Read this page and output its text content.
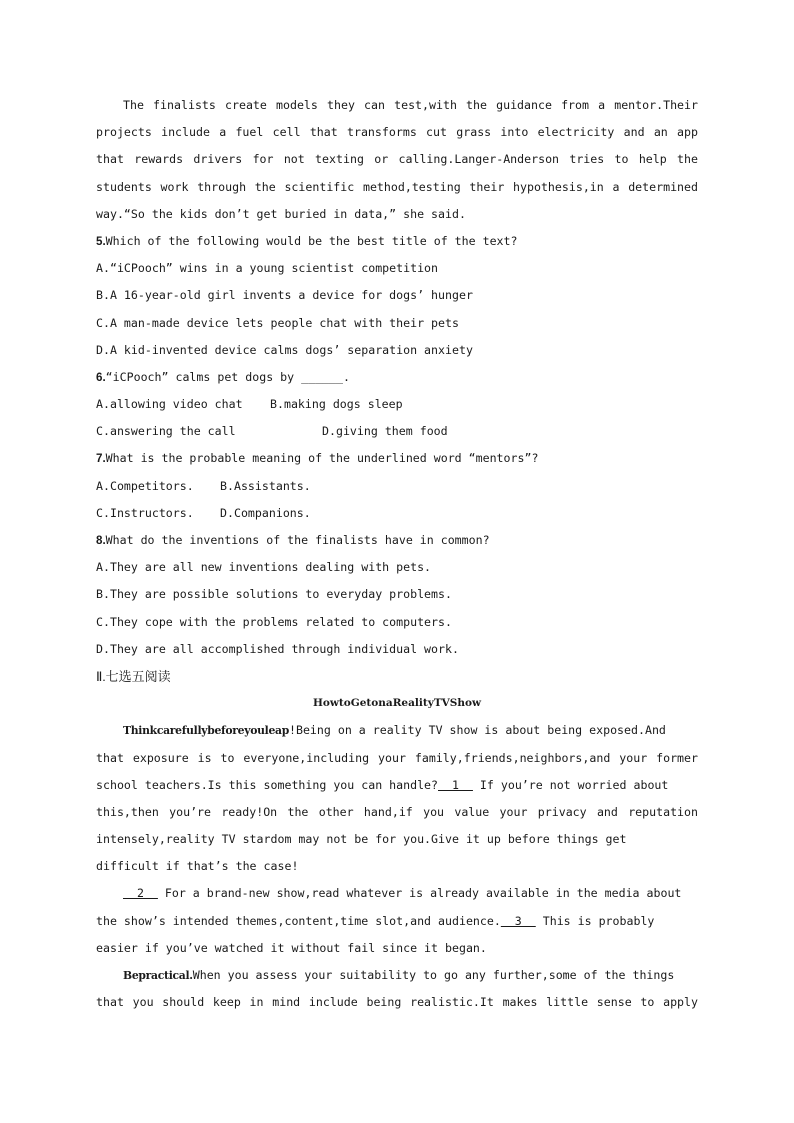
The finalists create models they can test,with the guidance from a mentor.Their
projects include a fuel cell that transforms cut grass into electricity and an app
that rewards drivers for not texting or calling.Langer-Anderson tries to help the
students work through the scientific method,testing their hypothesis,in a determined
way.“So the kids don’t get buried in data,” she said.
5.Which of the following would be the best title of the text?
A.“iCPooch” wins in a young scientist competition
B.A 16-year-old girl invents a device for dogs’ hunger
C.A man-made device lets people chat with their pets
D.A kid-invented device calms dogs’ separation anxiety
6.“iCPooch” calms pet dogs by ______.
A.allowing video chat B.making dogs sleep
C.answering the call	D.giving them food
7.What is the probable meaning of the underlined word “mentors”?
A.Competitors. B.Assistants.
C.Instructors. D.Companions.
8.What do the inventions of the finalists have in common?
A.They are all new inventions dealing with pets.
B.They are possible solutions to everyday problems.
C.They cope with the problems related to computers.
D.They are all accomplished through individual work.
Ⅱ.七选五阅读
HowtoGetonaRealityTVShow
Thinkcarefullybeforeyouleap!Being on a reality TV show is about being exposed.And
that exposure is to everyone,including your family,friends,neighbors,and your former
school teachers.Is this something you can handle?  1   If you’re not worried about
this,then you’re ready!On the other hand,if you value your privacy and reputation
intensely,reality TV stardom may not be for you.Give it up before things get
difficult if that’s the case!
2   For a brand-new show,read whatever is already available in the media about
the show’s intended themes,content,time slot,and audience.  3   This is probably
easier if you’ve watched it without fail since it began.
Bepractical.When you assess your suitability to go any further,some of the things
that you should keep in mind include being realistic.It makes little sense to apply
